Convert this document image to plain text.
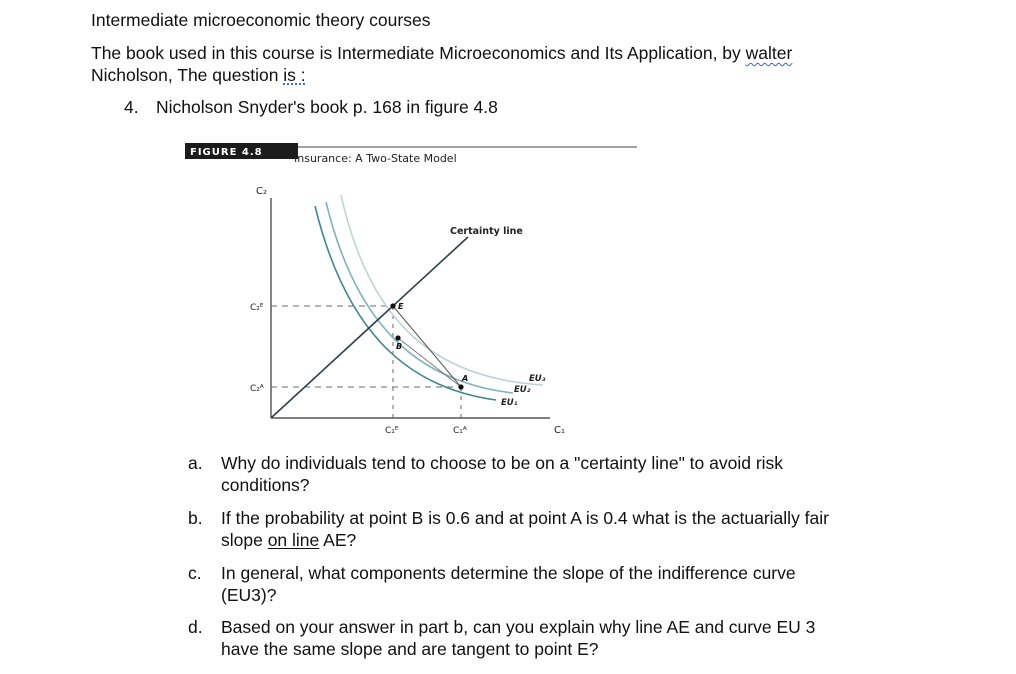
Intermediate microeconomic theory courses
The book used in this course is Intermediate Microeconomics and Its Application, by walter
Nicholson, The question is :
4. Nicholson Snyder's book p. 168 in figure 4.8
FIGURE 4.8	Insurance: A Two-State Model
C₂
C₁
Certainty line
E
B
A
C₂ᴱ
C₂ᴬ
C₁ᴱ	C₁ᴬ
EU₃
EU₂
EU₁
a. Why do individuals tend to choose to be on a "certainty line" to avoid risk
conditions?
b. If the probability at point B is 0.6 and at point A is 0.4 what is the actuarially fair
slope on line AE?
c. In general, what components determine the slope of the indifference curve
(EU3)?
d. Based on your answer in part b, can you explain why line AE and curve EU 3
have the same slope and are tangent to point E?
